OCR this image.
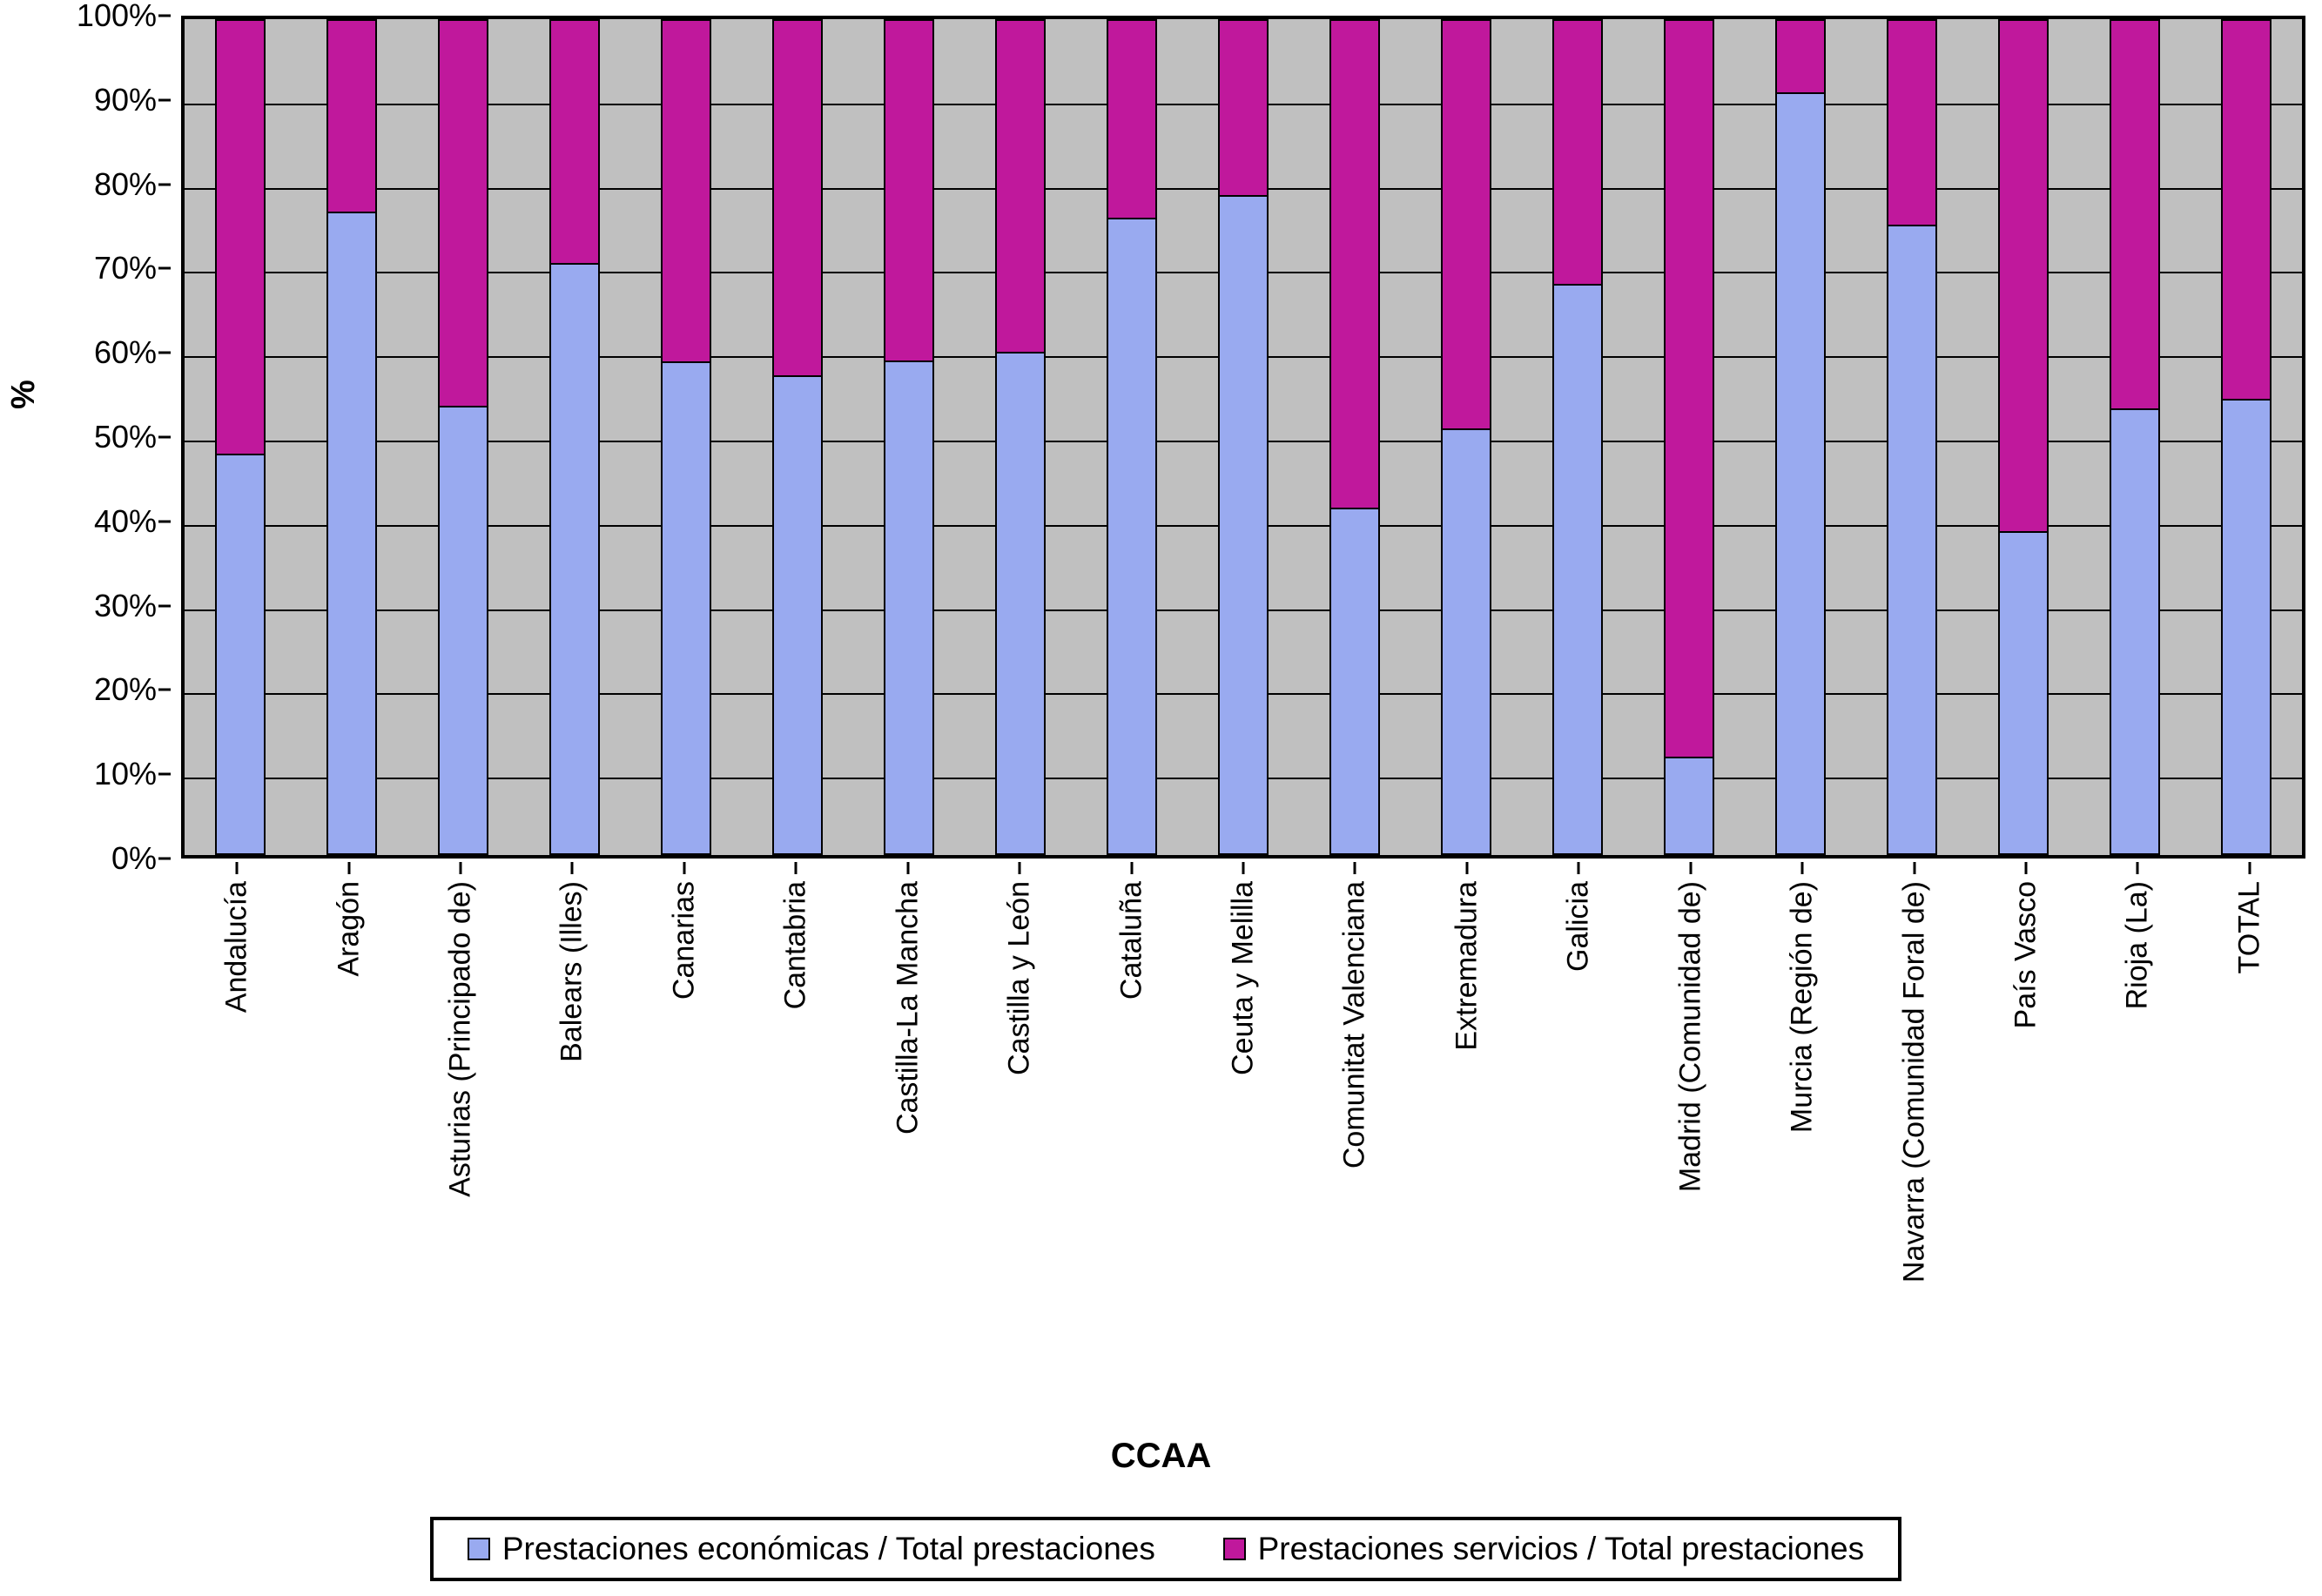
%
0%
10%
20%
30%
40%
50%
60%
70%
80%
90%
100%
Andalucía	Aragón	Asturias (Principado de)	Balears (Illes)	Canarias	Cantabria	Castilla-La Mancha	Castilla y León	Cataluña	Ceuta y Melilla	Comunitat Valenciana	Extremadura	Galicia	Madrid (Comunidad de)	Murcia (Región de)	Navarra (Comunidad Foral de)	País Vasco	Rioja (La)	TOTAL
CCAA
Prestaciones económicas / Total prestaciones	Prestaciones servicios / Total prestaciones
